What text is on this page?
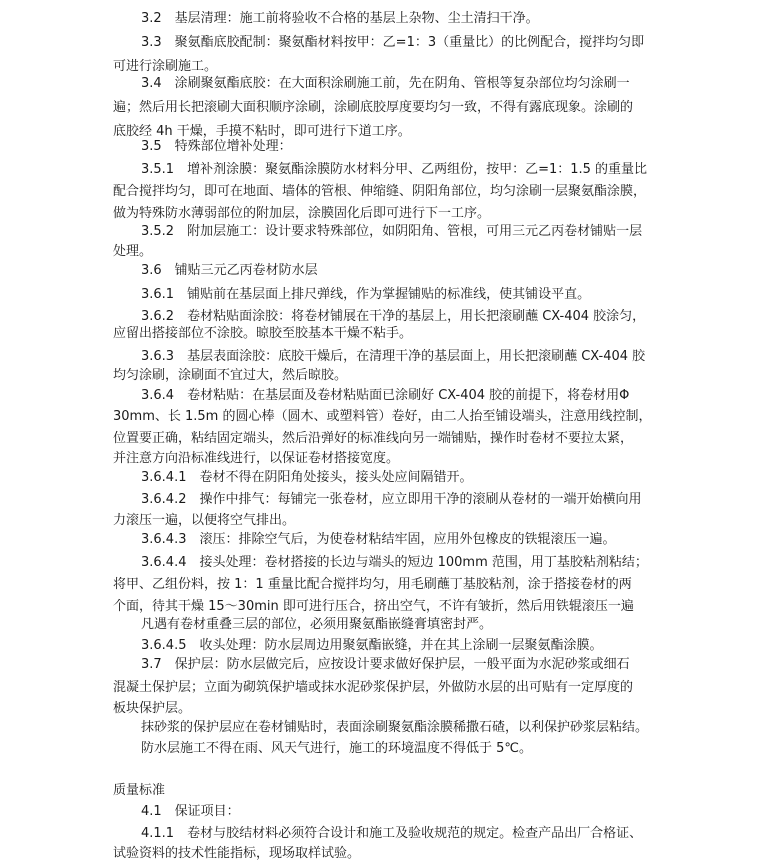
3.2　基层清理：施工前将验收不合格的基层上杂物、尘土清扫干净。
3.3　聚氨酯底胶配制：聚氨酯材料按甲：乙=1：3（重量比）的比例配合，搅拌均匀即
可进行涂刷施工。
3.4　涂刷聚氨酯底胶：在大面积涂刷施工前，先在阴角、管根等复杂部位均匀涂刷一
遍；然后用长把滚刷大面积顺序涂刷，涂刷底胶厚度要均匀一致，不得有露底现象。涂刷的
底胶经 4h 干燥，手摸不粘时，即可进行下道工序。
3.5　特殊部位增补处理：
3.5.1　增补剂涂膜：聚氨酯涂膜防水材料分甲、乙两组份，按甲：乙=1：1.5 的重量比
配合搅拌均匀，即可在地面、墙体的管根、伸缩缝、阴阳角部位，均匀涂刷一层聚氨酯涂膜，
做为特殊防水薄弱部位的附加层，涂膜固化后即可进行下一工序。
3.5.2　附加层施工：设计要求特殊部位，如阴阳角、管根，可用三元乙丙卷材铺贴一层
处理。
3.6　铺贴三元乙丙卷材防水层
3.6.1　铺贴前在基层面上排尺弹线，作为掌握铺贴的标准线，使其铺设平直。
3.6.2　卷材粘贴面涂胶：将卷材铺展在干净的基层上，用长把滚刷蘸 CX-404 胶涂匀，
应留出搭接部位不涂胶。晾胶至胶基本干燥不粘手。
3.6.3　基层表面涂胶：底胶干燥后，在清理干净的基层面上，用长把滚刷蘸 CX-404 胶
均匀涂刷，涂刷面不宜过大，然后晾胶。
3.6.4　卷材粘贴：在基层面及卷材粘贴面已涂刷好 CX-404 胶的前提下，将卷材用Φ
30mm、长 1.5m 的圆心棒（圆木、或塑料管）卷好，由二人抬至铺设端头，注意用线控制，
位置要正确，粘结固定端头，然后沿弹好的标准线向另一端铺贴，操作时卷材不要拉太紧，
并注意方向沿标准线进行，以保证卷材搭接宽度。
3.6.4.1　卷材不得在阴阳角处接头，接头处应间隔错开。
3.6.4.2　操作中排气：每铺完一张卷材，应立即用干净的滚刷从卷材的一端开始横向用
力滚压一遍，以便将空气排出。
3.6.4.3　滚压：排除空气后，为使卷材粘结牢固，应用外包橡皮的铁辊滚压一遍。
3.6.4.4　接头处理：卷材搭接的长边与端头的短边 100mm 范围，用丁基胶粘剂粘结；
将甲、乙组份料，按 1：1 重量比配合搅拌均匀，用毛刷蘸丁基胶粘剂，涂于搭接卷材的两
个面，待其干燥 15～30min 即可进行压合，挤出空气，不许有皱折，然后用铁辊滚压一遍
凡遇有卷材重叠三层的部位，必须用聚氨酯嵌缝膏填密封严。
3.6.4.5　收头处理：防水层周边用聚氨酯嵌缝，并在其上涂刷一层聚氨酯涂膜。
3.7　保护层：防水层做完后，应按设计要求做好保护层，一般平面为水泥砂浆或细石
混凝土保护层；立面为砌筑保护墙或抹水泥砂浆保护层，外做防水层的出可贴有一定厚度的
板块保护层。
抹砂浆的保护层应在卷材铺贴时，表面涂刷聚氨酯涂膜稀撒石碴，以利保护砂浆层粘结。
防水层施工不得在雨、风天气进行，施工的环境温度不得低于 5℃。
质量标准
4.1　保证项目：
4.1.1　卷材与胶结材料必须符合设计和施工及验收规范的规定。检查产品出厂合格证、
试验资料的技术性能指标，现场取样试验。
